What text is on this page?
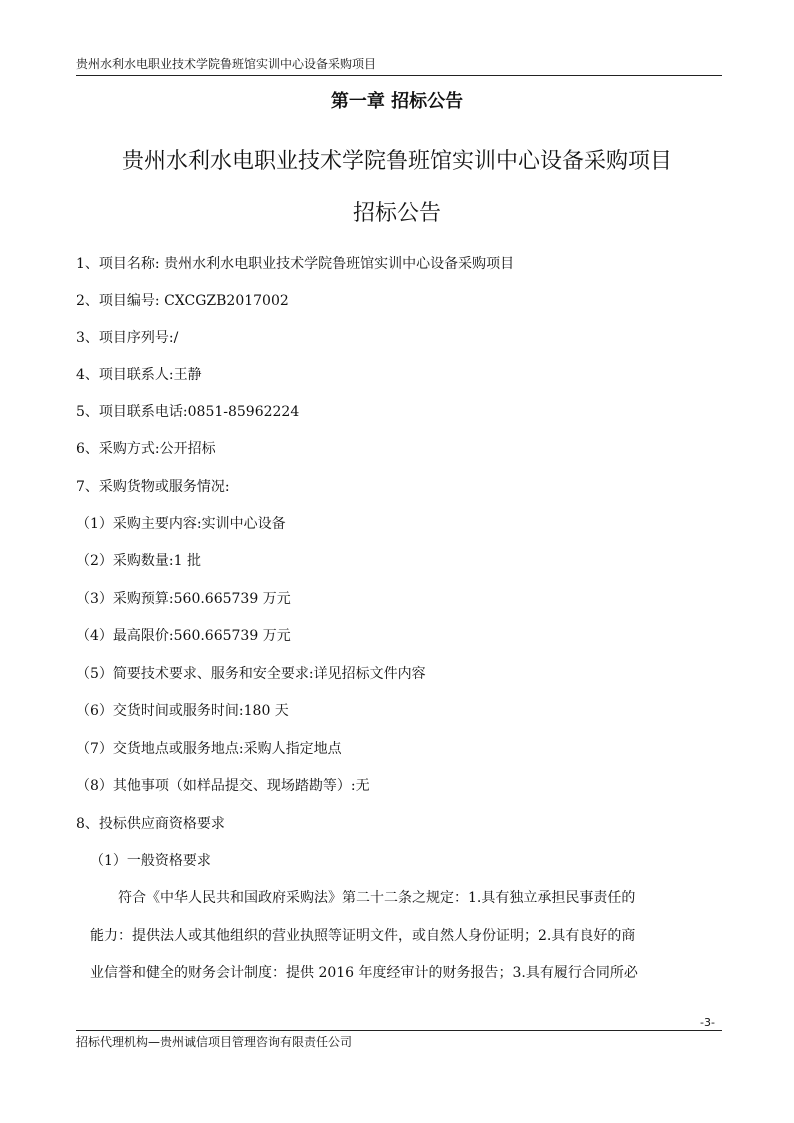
贵州水利水电职业技术学院鲁班馆实训中心设备采购项目
第一章 招标公告
贵州水利水电职业技术学院鲁班馆实训中心设备采购项目
招标公告
1、项目名称: 贵州水利水电职业技术学院鲁班馆实训中心设备采购项目
2、项目编号: CXCGZB2017002
3、项目序列号:/
4、项目联系人:王静
5、项目联系电话:0851-85962224
6、采购方式:公开招标
7、采购货物或服务情况:
（1）采购主要内容:实训中心设备
（2）采购数量:1 批
（3）采购预算:560.665739 万元
（4）最高限价:560.665739 万元
（5）简要技术要求、服务和安全要求:详见招标文件内容
（6）交货时间或服务时间:180 天
（7）交货地点或服务地点:采购人指定地点
（8）其他事项（如样品提交、现场踏勘等）:无
8、投标供应商资格要求
（1）一般资格要求
符合《中华人民共和国政府采购法》第二十二条之规定：1.具有独立承担民事责任的
能力：提供法人或其他组织的营业执照等证明文件，或自然人身份证明；2.具有良好的商
业信誉和健全的财务会计制度：提供 2016 年度经审计的财务报告；3.具有履行合同所必
-3-
招标代理机构—贵州诚信项目管理咨询有限责任公司
